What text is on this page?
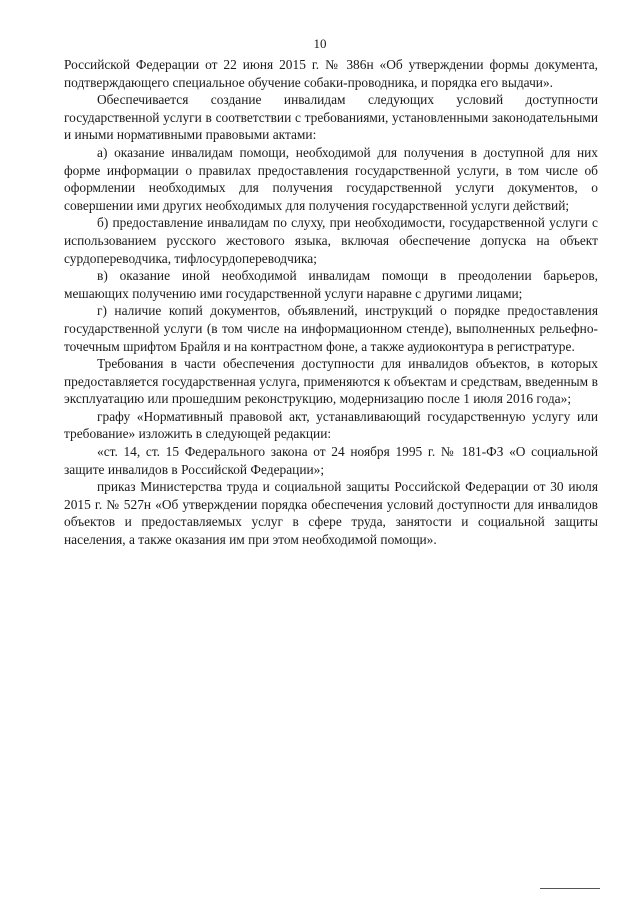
10

Российской Федерации от 22 июня 2015 г. № 386н «Об утверждении формы документа, подтверждающего специальное обучение собаки-проводника, и порядка его выдачи».

Обеспечивается создание инвалидам следующих условий доступности государственной услуги в соответствии с требованиями, установленными законодательными и иными нормативными правовыми актами:

а) оказание инвалидам помощи, необходимой для получения в доступной для них форме информации о правилах предоставления государственной услуги, в том числе об оформлении необходимых для получения государственной услуги документов, о совершении ими других необходимых для получения государственной услуги действий;

б) предоставление инвалидам по слуху, при необходимости, государственной услуги с использованием русского жестового языка, включая обеспечение допуска на объект сурдопереводчика, тифлосурдопереводчика;

в) оказание иной необходимой инвалидам помощи в преодолении барьеров, мешающих получению ими государственной услуги наравне с другими лицами;

г) наличие копий документов, объявлений, инструкций о порядке предоставления государственной услуги (в том числе на информационном стенде), выполненных рельефно-точечным шрифтом Брайля и на контрастном фоне, а также аудиоконтура в регистратуре.

Требования в части обеспечения доступности для инвалидов объектов, в которых предоставляется государственная услуга, применяются к объектам и средствам, введенным в эксплуатацию или прошедшим реконструкцию, модернизацию после 1 июля 2016 года»;

графу «Нормативный правовой акт, устанавливающий государственную услугу или требование» изложить в следующей редакции:

«ст. 14, ст. 15 Федерального закона от 24 ноября 1995 г. № 181-ФЗ «О социальной защите инвалидов в Российской Федерации»;

приказ Министерства труда и социальной защиты Российской Федерации от 30 июля 2015 г. № 527н «Об утверждении порядка обеспечения условий доступности для инвалидов объектов и предоставляемых услуг в сфере труда, занятости и социальной защиты населения, а также оказания им при этом необходимой помощи».
